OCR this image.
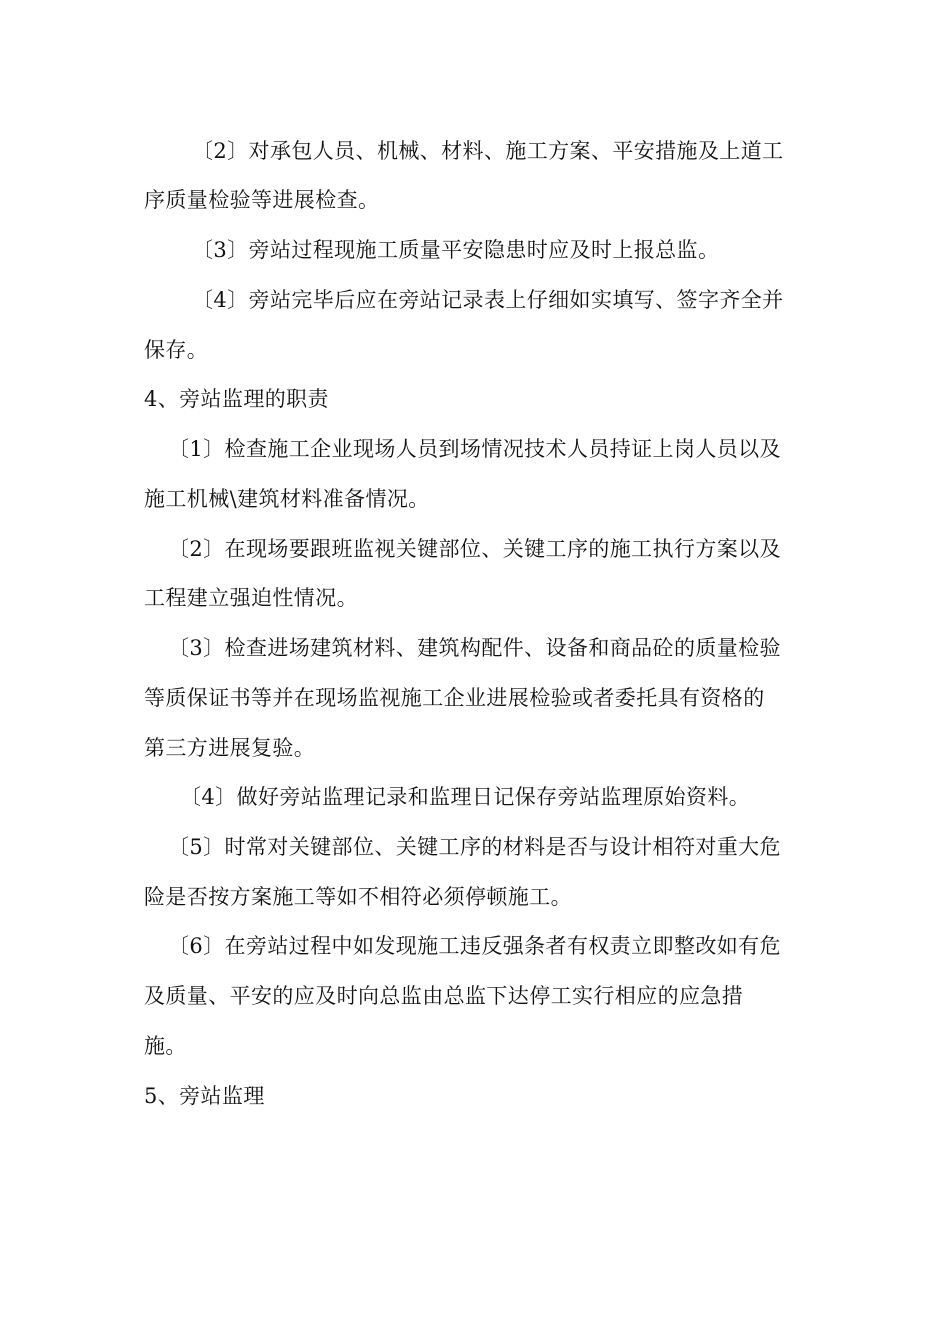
〔2〕对承包人员、机械、材料、施工方案、平安措施及上道工
序质量检验等进展检查。
〔3〕旁站过程现施工质量平安隐患时应及时上报总监。
〔4〕旁站完毕后应在旁站记录表上仔细如实填写、签字齐全并
保存。
4、旁站监理的职责
〔1〕检查施工企业现场人员到场情况技术人员持证上岗人员以及
施工机械\建筑材料准备情况。
〔2〕在现场要跟班监视关键部位、关键工序的施工执行方案以及
工程建立强迫性情况。
〔3〕检查进场建筑材料、建筑构配件、设备和商品砼的质量检验
等质保证书等并在现场监视施工企业进展检验或者委托具有资格的
第三方进展复验。
〔4〕做好旁站监理记录和监理日记保存旁站监理原始资料。
〔5〕时常对关键部位、关键工序的材料是否与设计相符对重大危
险是否按方案施工等如不相符必须停顿施工。
〔6〕在旁站过程中如发现施工违反强条者有权责立即整改如有危
及质量、平安的应及时向总监由总监下达停工实行相应的应急措
施。
5、旁站监理
